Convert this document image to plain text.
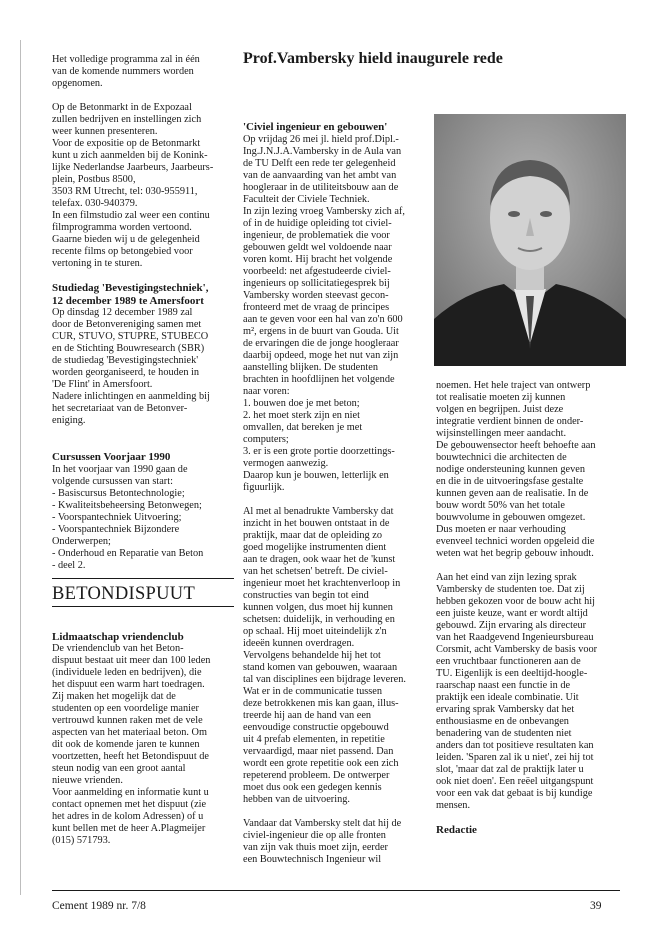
Prof.Vambersky hield inaugurele rede
Het volledige programma zal in één
van de komende nummers worden
opgenomen.
Op de Betonmarkt in de Expozaal
zullen bedrijven en instellingen zich
weer kunnen presenteren.
Voor de expositie op de Betonmarkt
kunt u zich aanmelden bij de Konink-
lijke Nederlandse Jaarbeurs, Jaarbeurs-
plein, Postbus 8500,
3503 RM Utrecht, tel: 030-955911,
telefax. 030-940379.
In een filmstudio zal weer een continu
filmprogramma worden vertoond.
Gaarne bieden wij u de gelegenheid
recente films op betongebied voor
vertoning in te sturen.
Studiedag 'Bevestigingstechniek',
12 december 1989 te Amersfoort
Op dinsdag 12 december 1989 zal
door de Betonvereniging samen met
CUR, STUVO, STUPRE, STUBECO
en de Stichting Bouwresearch (SBR)
de studiedag 'Bevestigingstechniek'
worden georganiseerd, te houden in
'De Flint' in Amersfoort.
Nadere inlichtingen en aanmelding bij
het secretariaat van de Betonver-
eniging.

Cursussen Voorjaar 1990

In het voorjaar van 1990 gaan de
volgende cursussen van start:
- Basiscursus Betontechnologie;
- Kwaliteitsbeheersing Betonwegen;
- Voorspantechniek Uitvoering;
- Voorspantechniek Bijzondere
Onderwerpen;
- Onderhoud en Reparatie van Beton
- deel 2.
BETONDISPUUT

Lidmaatschap vriendenclub

De vriendenclub van het Beton-
dispuut bestaat uit meer dan 100 leden
(individuele leden en bedrijven), die
het dispuut een warm hart toedragen.
Zij maken het mogelijk dat de
studenten op een voordelige manier
vertrouwd kunnen raken met de vele
aspecten van het materiaal beton. Om
dit ook de komende jaren te kunnen
voortzetten, heeft het Betondispuut de
steun nodig van een groot aantal
nieuwe vrienden.
Voor aanmelding en informatie kunt u
contact opnemen met het dispuut (zie
het adres in de kolom Adressen) of u
kunt bellen met de heer A.Plagmeijer
(015) 571793.

'Civiel ingenieur en gebouwen'

Op vrijdag 26 mei jl. hield prof.Dipl.-
Ing.J.N.J.A.Vambersky in de Aula van
de TU Delft een rede ter gelegenheid
van de aanvaarding van het ambt van
hoogleraar in de utiliteitsbouw aan de
Faculteit der Civiele Techniek.
In zijn lezing vroeg Vambersky zich af,
of in de huidige opleiding tot civiel-
ingenieur, de problematiek die voor
gebouwen geldt wel voldoende naar
voren komt. Hij bracht het volgende
voorbeeld: net afgestudeerde civiel-
ingenieurs op sollicitatiegesprek bij
Vambersky worden steevast gecon-
fronteerd met de vraag de principes
aan te geven voor een hal van zo'n 600
m², ergens in de buurt van Gouda. Uit
de ervaringen die de jonge hoogleraar
daarbij opdeed, moge het nut van zijn
aanstelling blijken. De studenten
brachten in hoofdlijnen het volgende
naar voren:
1. bouwen doe je met beton;
2. het moet sterk zijn en niet
omvallen, dat bereken je met
computers;
3. er is een grote portie doorzettings-
vermogen aanwezig.
Daarop kun je bouwen, letterlijk en
figuurlijk.
Al met al benadrukte Vambersky dat
inzicht in het bouwen ontstaat in de
praktijk, maar dat de opleiding zo
goed mogelijke instrumenten dient
aan te dragen, ook waar het de 'kunst
van het schetsen' betreft. De civiel-
ingenieur moet het krachtenverloop in
constructies van begin tot eind
kunnen volgen, dus moet hij kunnen
schetsen: duidelijk, in verhouding en
op schaal. Hij moet uiteindelijk z'n
ideeën kunnen overdragen.
Vervolgens behandelde hij het tot
stand komen van gebouwen, waaraan
tal van disciplines een bijdrage leveren.
Wat er in de communicatie tussen
deze betrokkenen mis kan gaan, illus-
treerde hij aan de hand van een
eenvoudige constructie opgebouwd
uit 4 prefab elementen, in repetitie
vervaardigd, maar niet passend. Dan
wordt een grote repetitie ook een zich
repeterend probleem. De ontwerper
moet dus ook een gedegen kennis
hebben van de uitvoering.
Vandaar dat Vambersky stelt dat hij de
civiel-ingenieur die op alle fronten
van zijn vak thuis moet zijn, eerder
een Bouwtechnisch Ingenieur wil
noemen. Het hele traject van ontwerp
tot realisatie moeten zij kunnen
volgen en begrijpen. Juist deze
integratie verdient binnen de onder-
wijsinstellingen meer aandacht.
De gebouwensector heeft behoefte aan
bouwtechnici die architecten de
nodige ondersteuning kunnen geven
en die in de uitvoeringsfase gestalte
kunnen geven aan de realisatie. In de
bouw wordt 50% van het totale
bouwvolume in gebouwen omgezet.
Dus moeten er naar verhouding
evenveel technici worden opgeleid die
weten wat het begrip gebouw inhoudt.
Aan het eind van zijn lezing sprak
Vambersky de studenten toe. Dat zij
hebben gekozen voor de bouw acht hij
een juiste keuze, want er wordt altijd
gebouwd. Zijn ervaring als directeur
van het Raadgevend Ingenieursbureau
Corsmit, acht Vambersky de basis voor
een vruchtbaar functioneren aan de
TU. Eigenlijk is een deeltijd-hoogle-
raarschap naast een functie in de
praktijk een ideale combinatie. Uit
ervaring sprak Vambersky dat het
enthousiasme en de onbevangen
benadering van de studenten niet
anders dan tot positieve resultaten kan
leiden. 'Sparen zal ik u niet', zei hij tot
slot, 'maar dat zal de praktijk later u
ook niet doen'. Een reëel uitgangspunt
voor een vak dat gebaat is bij kundige
mensen.

Redactie

Cement 1989 nr. 7/8	39
